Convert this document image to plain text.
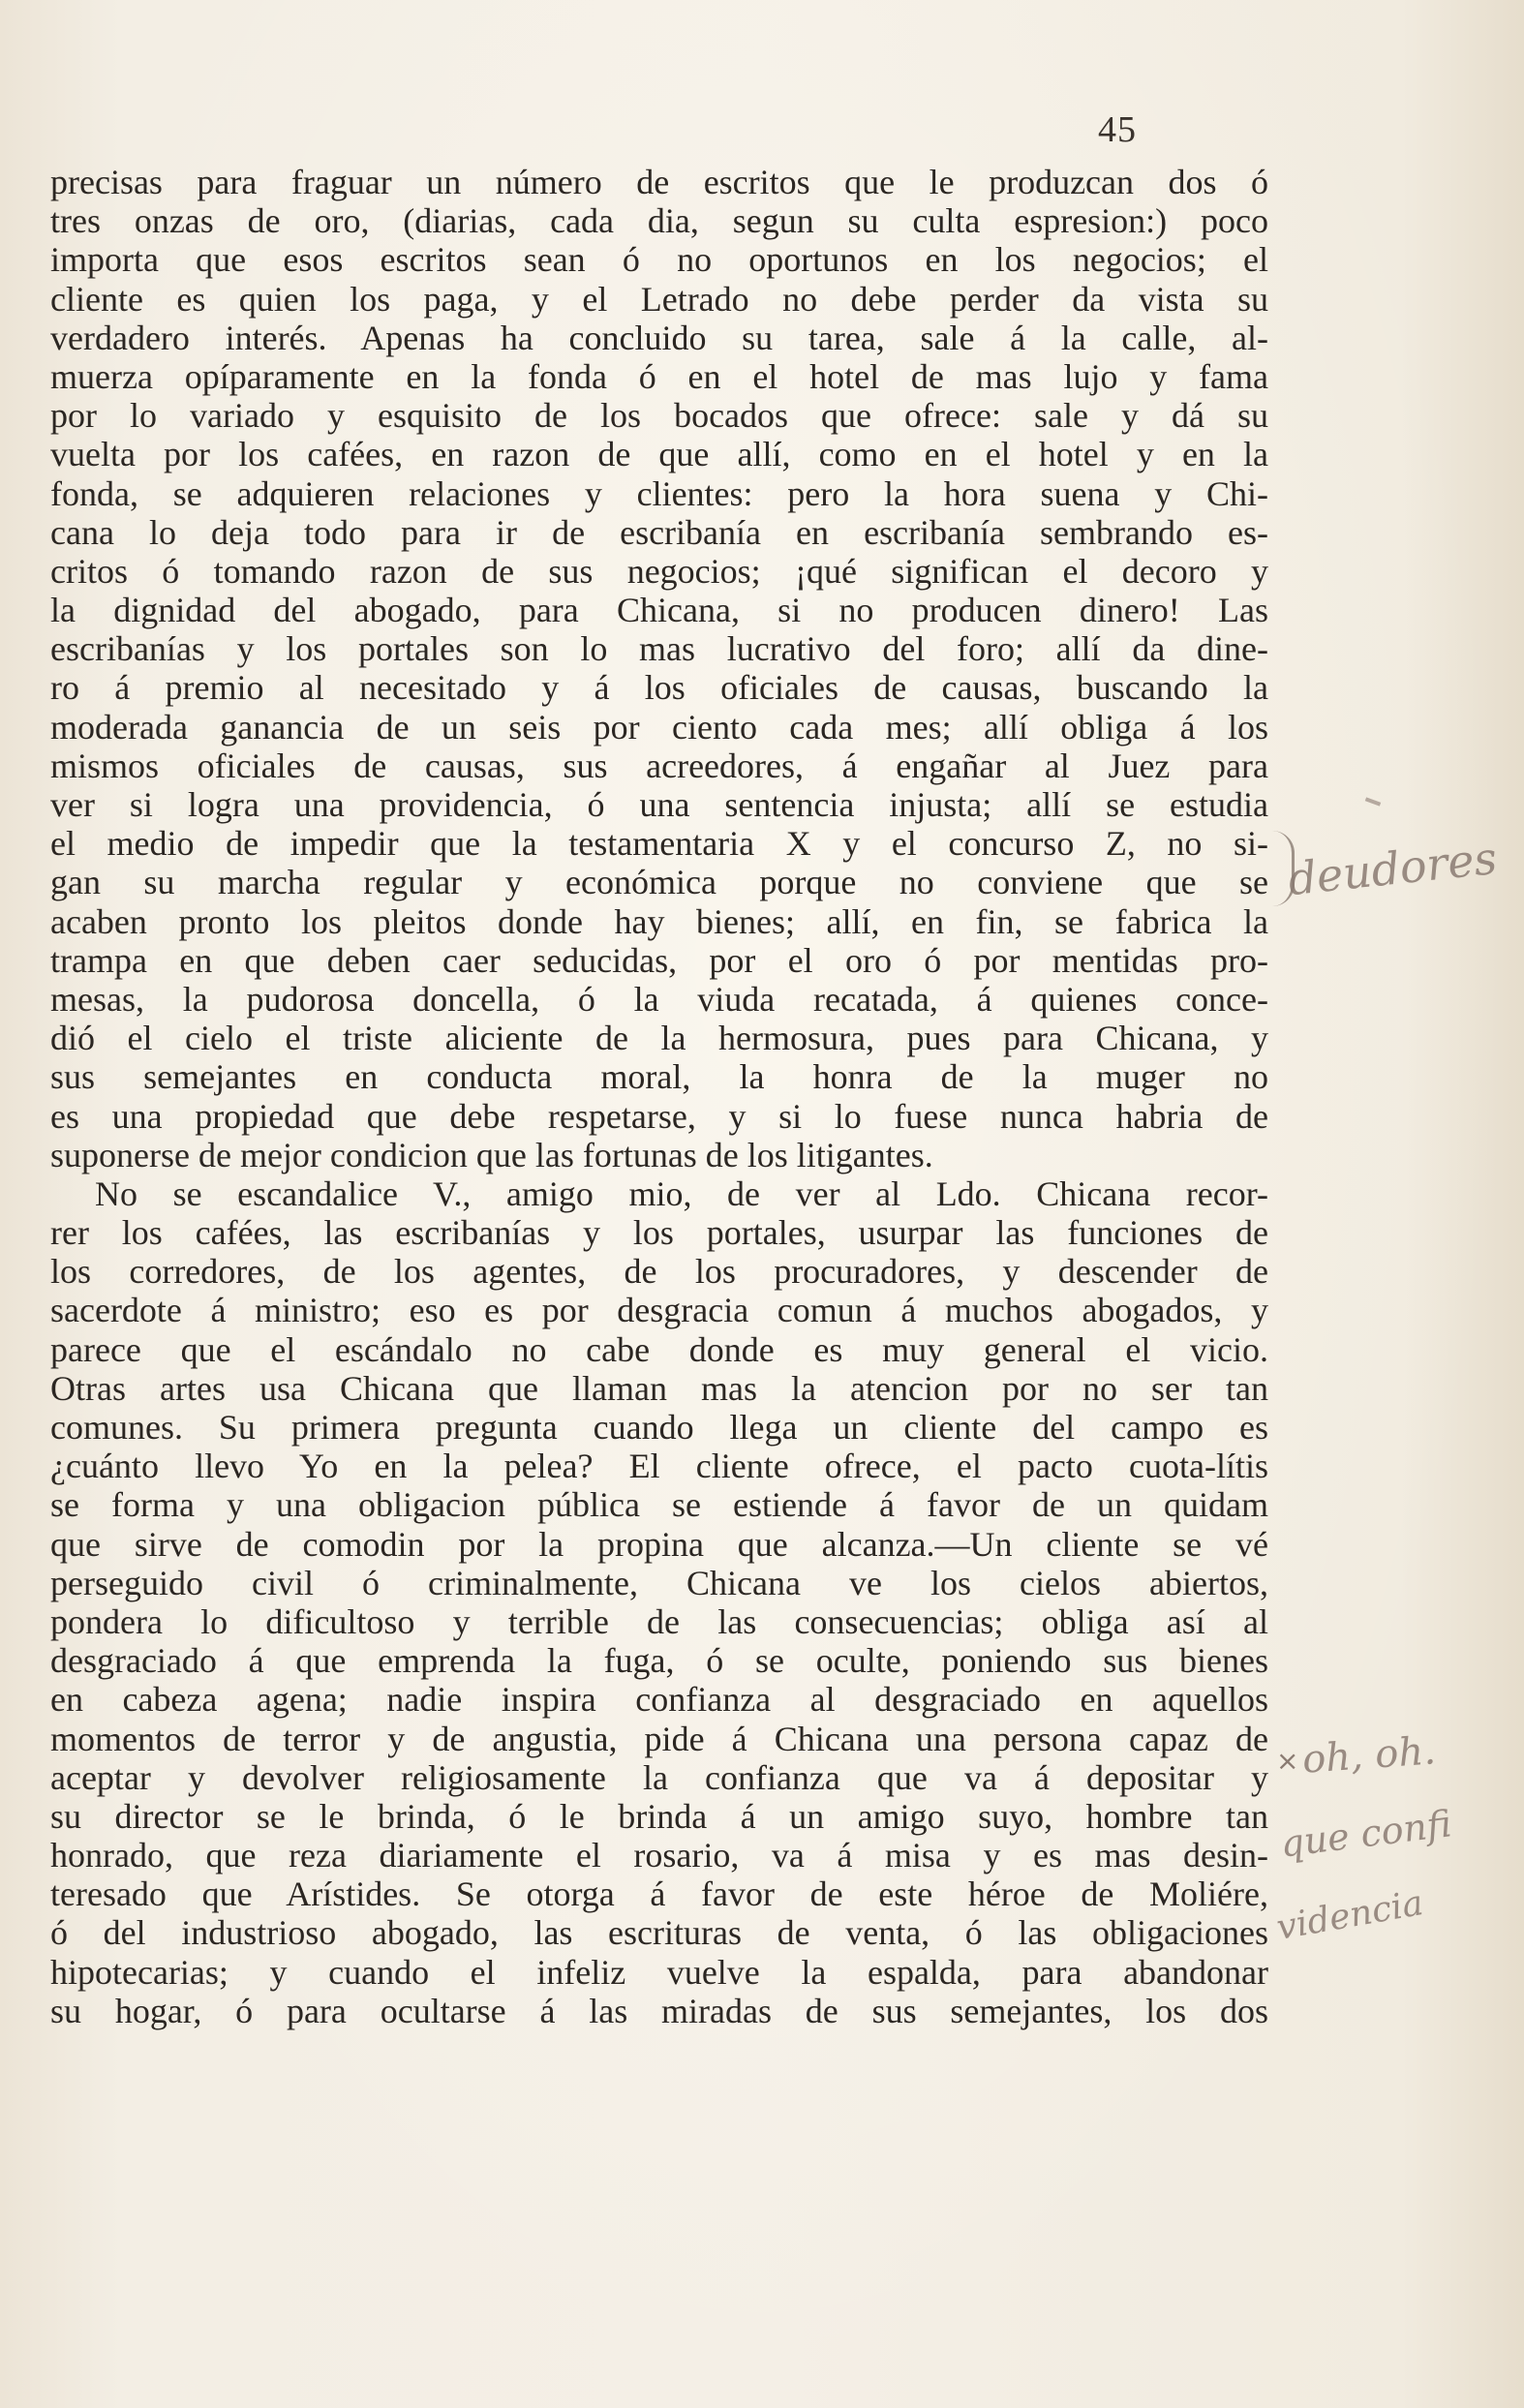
45
precisas para fraguar un número de escritos que le produzcan dos ó
tres onzas de oro, (diarias, cada dia, segun su culta espresion:) poco
importa que esos escritos sean ó no oportunos en los negocios; el
cliente es quien los paga, y el Letrado no debe perder da vista su
verdadero interés. Apenas ha concluido su tarea, sale á la calle, al-
muerza opíparamente en la fonda ó en el hotel de mas lujo y fama
por lo variado y esquisito de los bocados que ofrece: sale y dá su
vuelta por los cafées, en razon de que allí, como en el hotel y en la
fonda, se adquieren relaciones y clientes: pero la hora suena y Chi-
cana lo deja todo para ir de escribanía en escribanía sembrando es-
critos ó tomando razon de sus negocios; ¡qué significan el decoro y
la dignidad del abogado, para Chicana, si no producen dinero! Las
escribanías y los portales son lo mas lucrativo del foro; allí da dine-
ro á premio al necesitado y á los oficiales de causas, buscando la
moderada ganancia de un seis por ciento cada mes; allí obliga á los
mismos oficiales de causas, sus acreedores, á engañar al Juez para
ver si logra una providencia, ó una sentencia injusta; allí se estudia
el medio de impedir que la testamentaria X y el concurso Z, no si-
gan su marcha regular y económica porque no conviene que se
acaben pronto los pleitos donde hay bienes; allí, en fin, se fabrica la
trampa en que deben caer seducidas, por el oro ó por mentidas pro-
mesas, la pudorosa doncella, ó la viuda recatada, á quienes conce-
dió el cielo el triste aliciente de la hermosura, pues para Chicana, y
sus semejantes en conducta moral, la honra de la muger no
es una propiedad que debe respetarse, y si lo fuese nunca habria de
suponerse de mejor condicion que las fortunas de los litigantes.
No se escandalice V., amigo mio, de ver al Ldo. Chicana recor-
rer los cafées, las escribanías y los portales, usurpar las funciones de
los corredores, de los agentes, de los procuradores, y descender de
sacerdote á ministro; eso es por desgracia comun á muchos abogados, y
parece que el escándalo no cabe donde es muy general el vicio.
Otras artes usa Chicana que llaman mas la atencion por no ser tan
comunes. Su primera pregunta cuando llega un cliente del campo es
¿cuánto llevo Yo en la pelea? El cliente ofrece, el pacto cuota-lítis
se forma y una obligacion pública se estiende á favor de un quidam
que sirve de comodin por la propina que alcanza.—Un cliente se vé
perseguido civil ó criminalmente, Chicana ve los cielos abiertos,
pondera lo dificultoso y terrible de las consecuencias; obliga así al
desgraciado á que emprenda la fuga, ó se oculte, poniendo sus bienes
en cabeza agena; nadie inspira confianza al desgraciado en aquellos
momentos de terror y de angustia, pide á Chicana una persona capaz de
aceptar y devolver religiosamente la confianza que va á depositar y
su director se le brinda, ó le brinda á un amigo suyo, hombre tan
honrado, que reza diariamente el rosario, va á misa y es mas desin-
teresado que Arístides. Se otorga á favor de este héroe de Moliére,
ó del industrioso abogado, las escrituras de venta, ó las obligaciones
hipotecarias; y cuando el infeliz vuelve la espalda, para abandonar
su hogar, ó para ocultarse á las miradas de sus semejantes, los dos
deudores
× oh, oh.
que confi
videncia
